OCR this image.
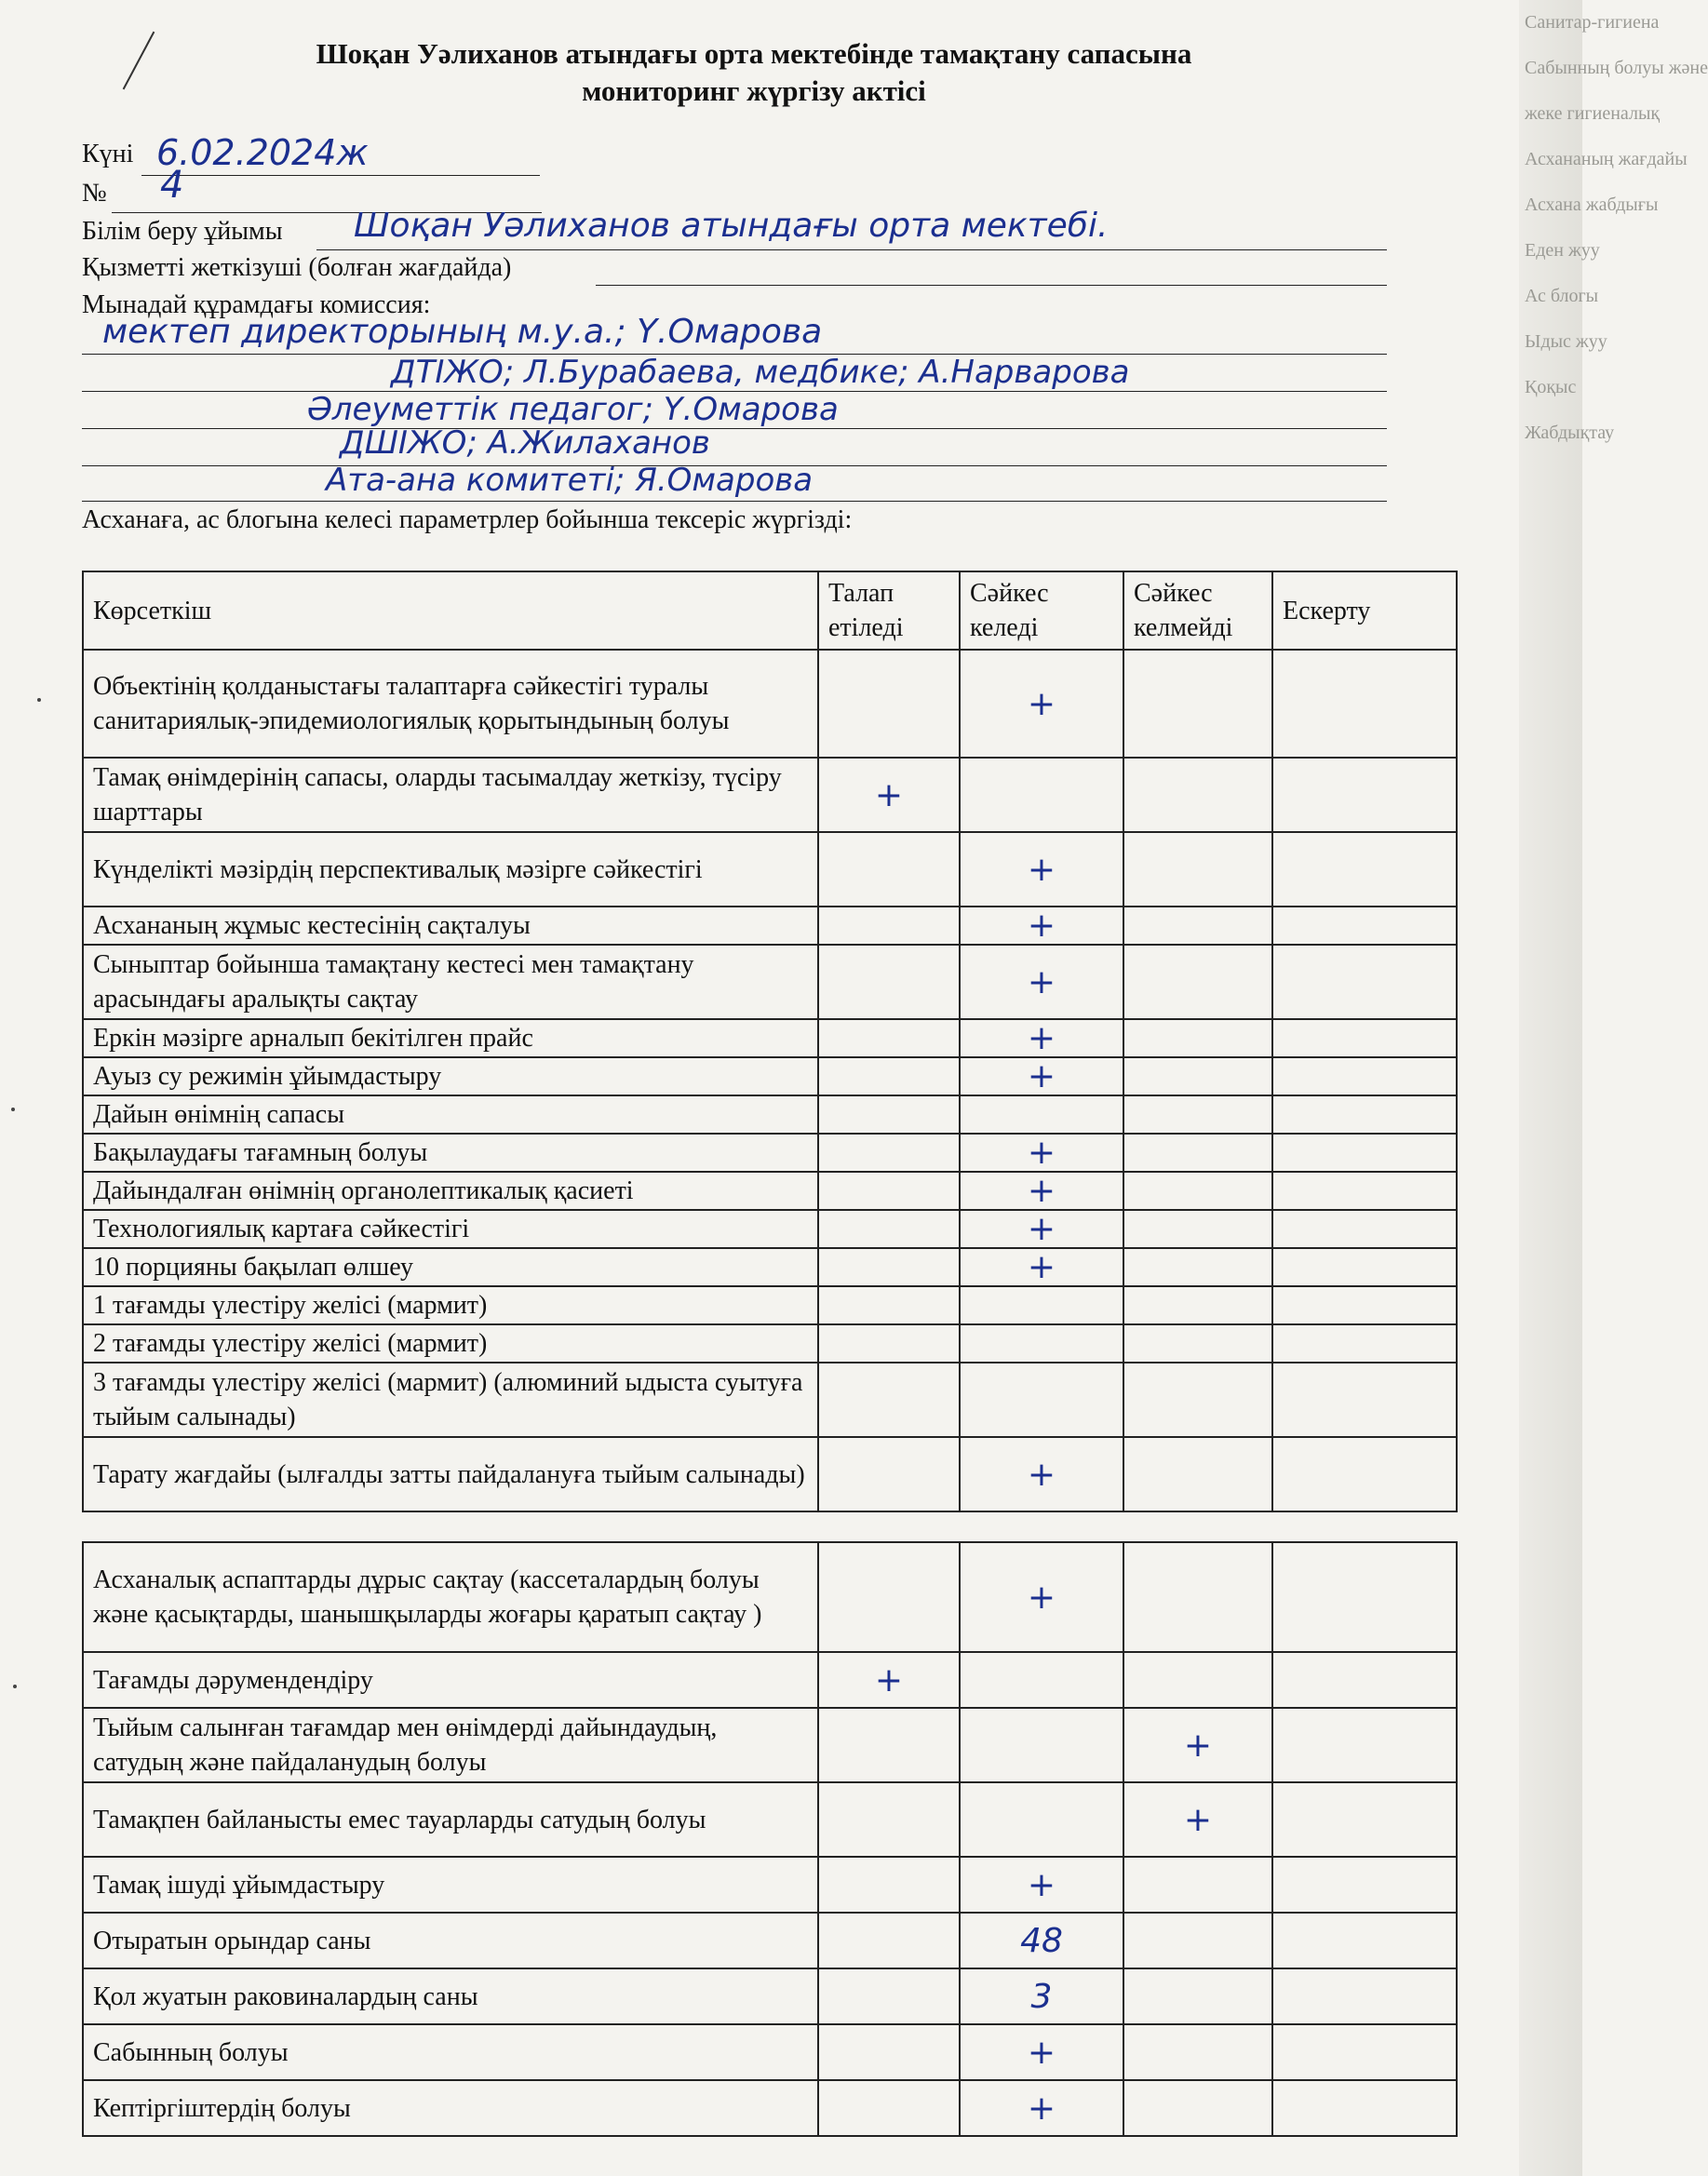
Санитар-гигиена
Сабынның болуы және
жеке гигиеналық
Асхананың жағдайы
Асхана жабдығы
Еден жуу
Ас блогы
Ыдыс жуу
Қоқыс
Жабдықтау
Шоқан Уәлиханов атындағы орта мектебінде тамақтану сапасына
мониторинг жүргізу актісі
Күні 6.02.2024ж
№ 4
Білім беру ұйымы Шоқан Уәлиханов атындағы орта мектебі.
Қызметті жеткізуші (болған жағдайда)
Мынадай құрамдағы комиссия:
мектеп директорының м.у.а.; Ү.Омарова
ДТІЖО; Л.Бурабаева, медбике; А.Нарварова
Әлеуметтік педагог; Ү.Омарова
ДШІЖО; А.Жилаханов
Ата-ана комитеті; Я.Омарова
Асханаға, ас блогына келесі параметрлер бойынша тексеріс жүргізді:
Көрсеткіш	Талап етіледі	Сәйкес келеді	Сәйкес келмейді	Ескерту
Объектінің қолданыстағы талаптарға сәйкестігі туралы санитариялық-эпидемиологиялық қорытындының болуы		+		
Тамақ өнімдерінің сапасы, оларды тасымалдау жеткізу, түсіру шарттары	+			
Күнделікті мәзірдің перспективалық мәзірге сәйкестігі		+		
Асхананың жұмыс кестесінің сақталуы		+		
Сыныптар бойынша тамақтану кестесі мен тамақтану арасындағы аралықты сақтау		+		
Еркін мәзірге арналып бекітілген прайс		+		
Ауыз су режимін ұйымдастыру		+		
Дайын өнімнің сапасы				
Бақылаудағы тағамның болуы		+		
Дайындалған өнімнің органолептикалық қасиеті		+		
Технологиялық картаға сәйкестігі		+		
10 порцияны бақылап өлшеу		+		
1 тағамды үлестіру желісі (мармит)				
2 тағамды үлестіру желісі (мармит)				
3 тағамды үлестіру желісі (мармит) (алюминий ыдыста суытуға тыйым салынады)				
Тарату жағдайы (ылғалды затты пайдалануға тыйым салынады)		+		
Асханалық аспаптарды дұрыс сақтау (кассеталардың болуы және қасықтарды, шанышқыларды жоғары қаратып сақтау )		+		
Тағамды дәрумендендіру	+			
Тыйым салынған тағамдар мен өнімдерді дайындаудың, сатудың және пайдаланудың болуы			+	
Тамақпен байланысты емес тауарларды сатудың болуы			+	
Тамақ ішуді ұйымдастыру		+		
Отыратын орындар саны		48		
Қол жуатын раковиналардың саны		3		
Сабынның болуы		+		
Кептіргіштердің болуы		+		
